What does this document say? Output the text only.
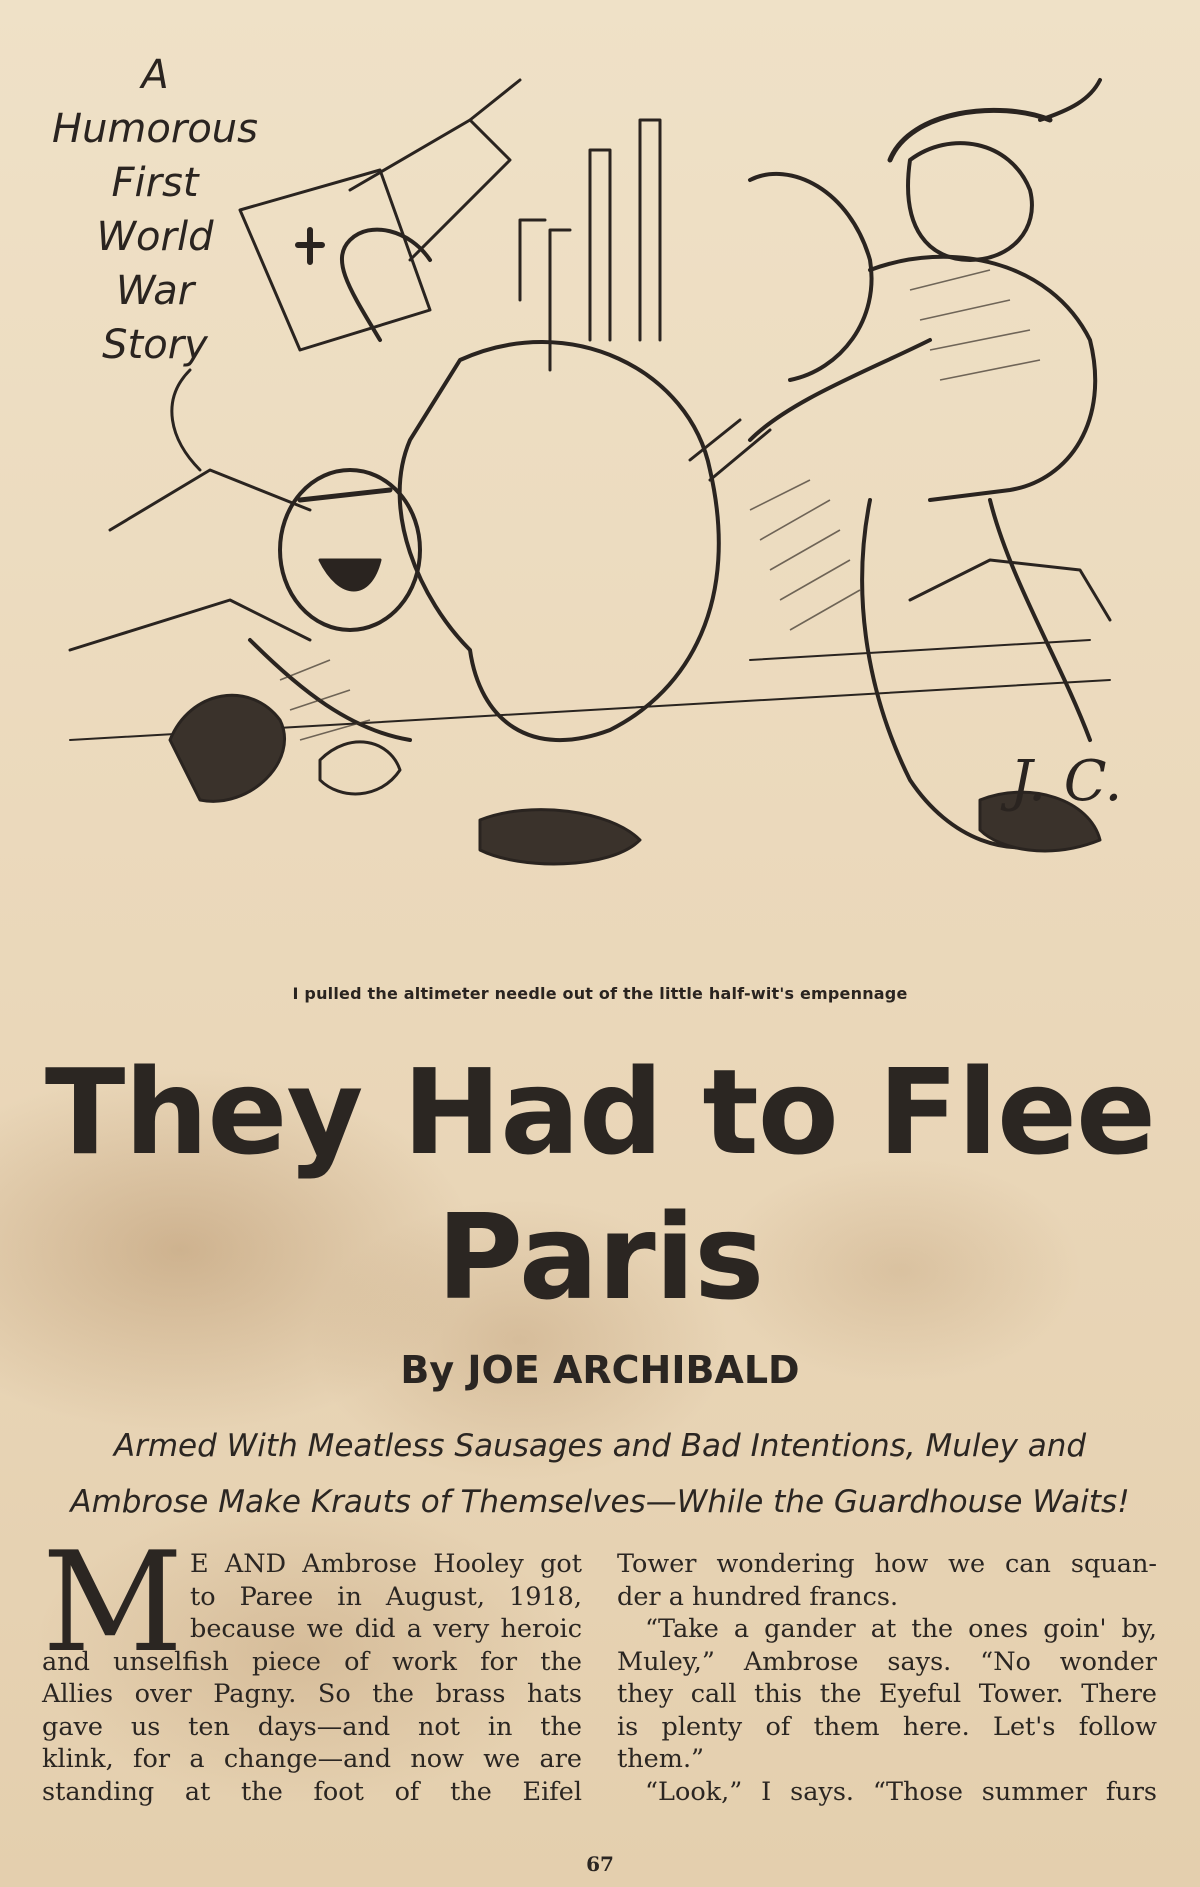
J. C.
A
Humorous
First
World
War
Story
I pulled the altimeter needle out of the little half-wit's empennage
They Had to Flee
Paris
By JOE ARCHIBALD
Armed With Meatless Sausages and Bad Intentions, Muley and
Ambrose Make Krauts of Themselves—While the Guardhouse Waits!
M E AND Ambrose Hooley got
to Paree in August, 1918,
because we did a very heroic
and unselfish piece of work for the
Allies over Pagny. So the brass hats
gave us ten days—and not in the
klink, for a change—and now we are
standing at the foot of the Eifel
Tower wondering how we can squan-
der a hundred francs.
“Take a gander at the ones goin' by,
Muley,” Ambrose says. “No wonder
they call this the Eyeful Tower. There
is plenty of them here. Let's follow
them.”
“Look,” I says. “Those summer furs
67
